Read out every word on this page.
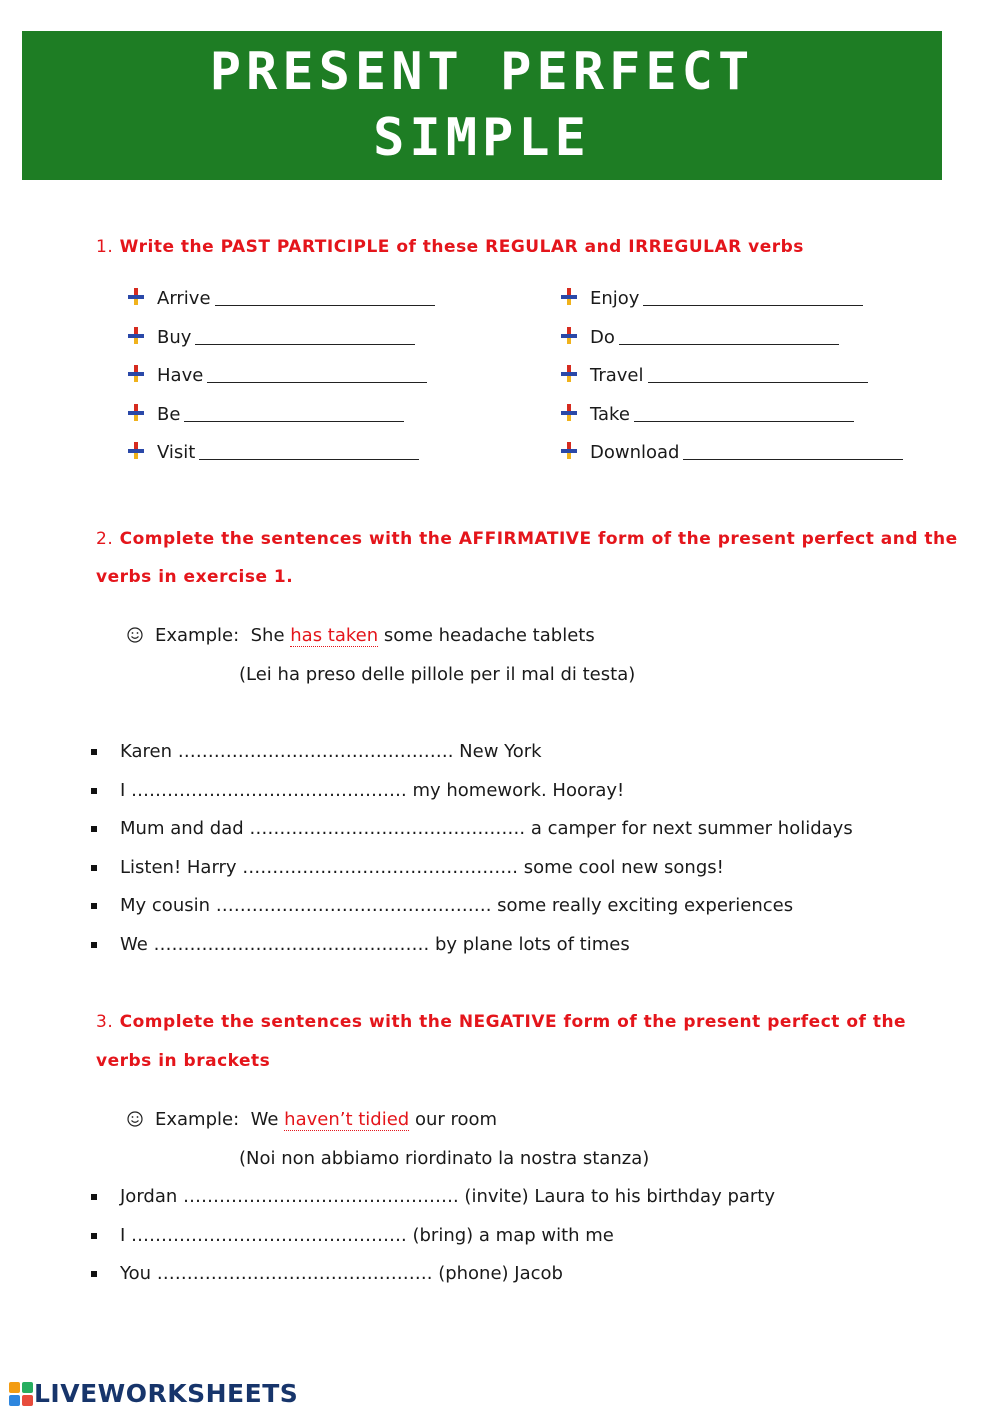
PRESENT PERFECT
SIMPLE
1. Write the PAST PARTICIPLE of these REGULAR and IRREGULAR verbs
Arrive
Buy
Have
Be
Visit
Enjoy
Do
Travel
Take
Download
2. Complete the sentences with the AFFIRMATIVE form of the present perfect and the
verbs in exercise 1.
Example: She has taken some headache tablets
(Lei ha preso delle pillole per il mal di testa)
Karen ………………………………………. New York
I ………………………………………. my homework. Hooray!
Mum and dad ………………………………………. a camper for next summer holidays
Listen! Harry ………………………………………. some cool new songs!
My cousin ………………………………………. some really exciting experiences
We ………………………………………. by plane lots of times
3. Complete the sentences with the NEGATIVE form of the present perfect of the
verbs in brackets
Example: We haven’t tidied our room
(Noi non abbiamo riordinato la nostra stanza)
Jordan ………………………………………. (invite) Laura to his birthday party
I ………………………………………. (bring) a map with me
You ………………………………………. (phone) Jacob
LIVEWORKSHEETS
